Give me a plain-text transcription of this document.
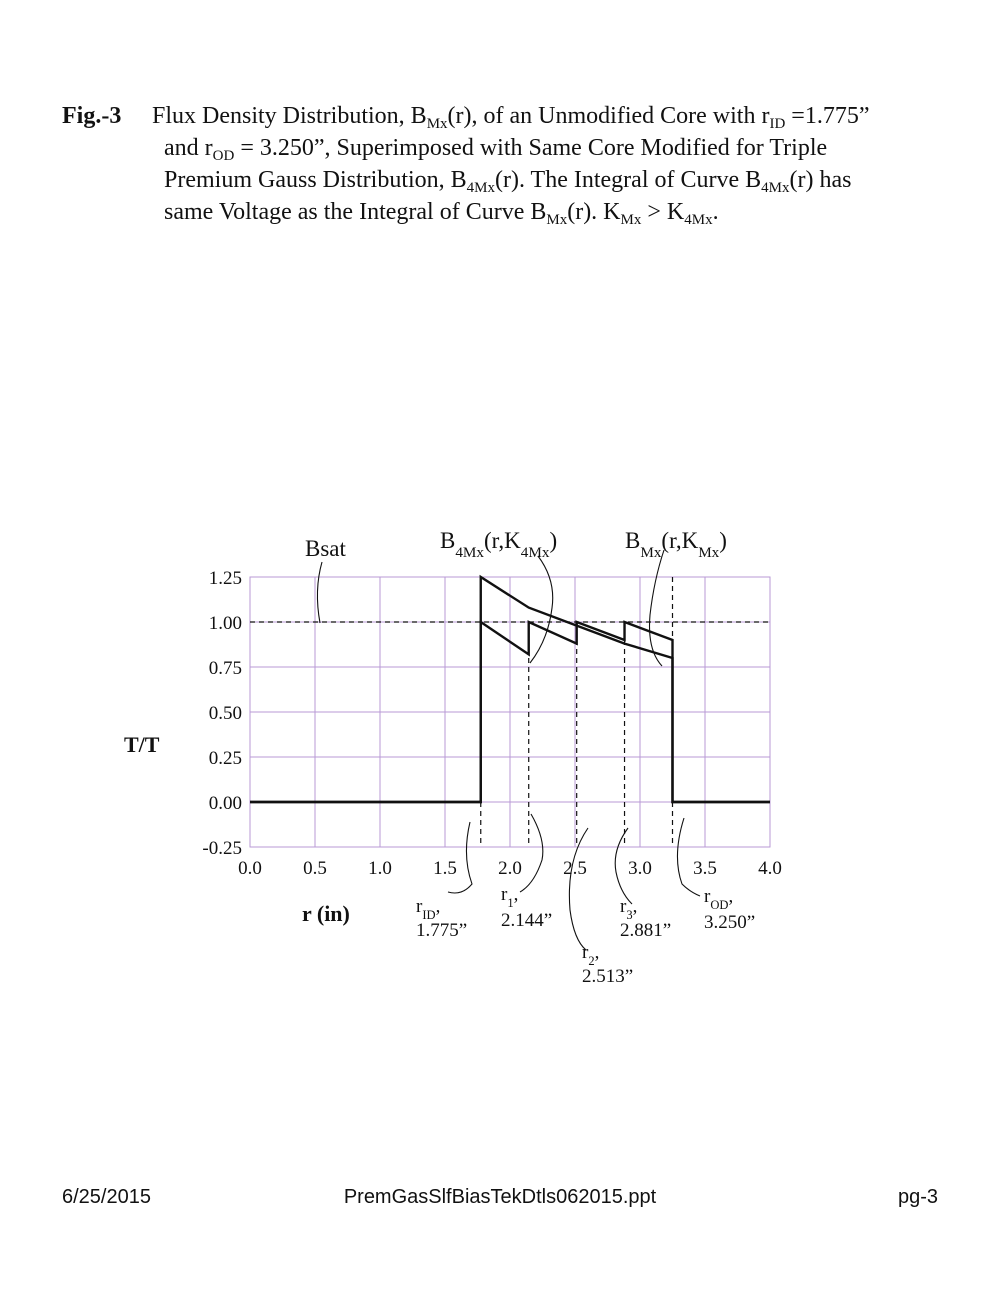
Fig.-3 Flux Density Distribution, $B_{Mx}(r)$, of an Unmodified Core with $r_{ID} =1.775$”
and $r_{OD} = 3.250$”, Superimposed with Same Core Modified for Triple
Premium Gauss Distribution, $B_{4Mx}(r)$. The Integral of Curve $B_{4Mx}(r)$ has
same Voltage as the Integral of Curve $B_{Mx}(r)$. $K_{Mx} > K_{4Mx}$.
1.25
1.00
0.75
0.50
0.25
0.00
-0.25
0.0 0.5 1.0 1.5 2.0 2.5 3.0 3.5 4.0
T/T
r (in)
Bsat	$B_{4Mx}(r,K_{4Mx})$	$B_{Mx}(r,K_{Mx})$
$r_{ID}$,
1.775”
$r_1$,
2.144”
$r_2$,
2.513”
$r_3$,
2.881”
$r_{OD}$,
3.250”
6/25/2015	PremGasSlfBiasTekDtls062015.ppt	pg-3
